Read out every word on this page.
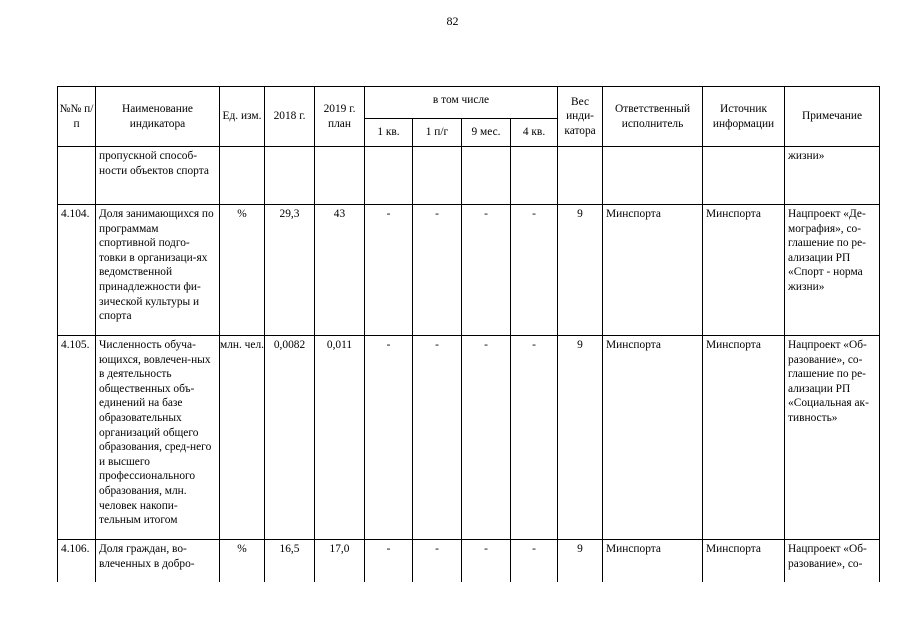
82
№№ п/п	Наименование индикатора	Ед. изм.	2018 г.	2019 г. план	в том числе				Вес инди-катора	Ответственный исполнитель	Источник информации	Примечание

					1 кв.	1 п/г	9 мес.	4 кв.				
	пропускной способ-ности объектов спорта											жизни»
4.104.	Доля занимающихся по программам спортивной подго-товки в организаци-ях ведомственной принадлежности фи-зической культуры и спорта	%	29,3	43	-	-	-	-	9	Минспорта	Минспорта	Нацпроект «Де-мография», со-глашение по ре-ализации РП «Спорт - норма жизни»
4.105.	Численность обуча-ющихся, вовлечен-ных в деятельность общественных объ-единений на базе образовательных организаций общего образования, сред-него и высшего профессионального образования, млн. человек накопи-тельным итогом	млн. чел.	0,0082	0,011	-	-	-	-	9	Минспорта	Минспорта	Нацпроект «Об-разование», со-глашение по ре-ализации РП «Социальная ак-тивность»
4.106.	Доля граждан, во-влеченных в добро-	%	16,5	17,0	-	-	-	-	9	Минспорта	Минспорта	Нацпроект «Об-разование», со-
